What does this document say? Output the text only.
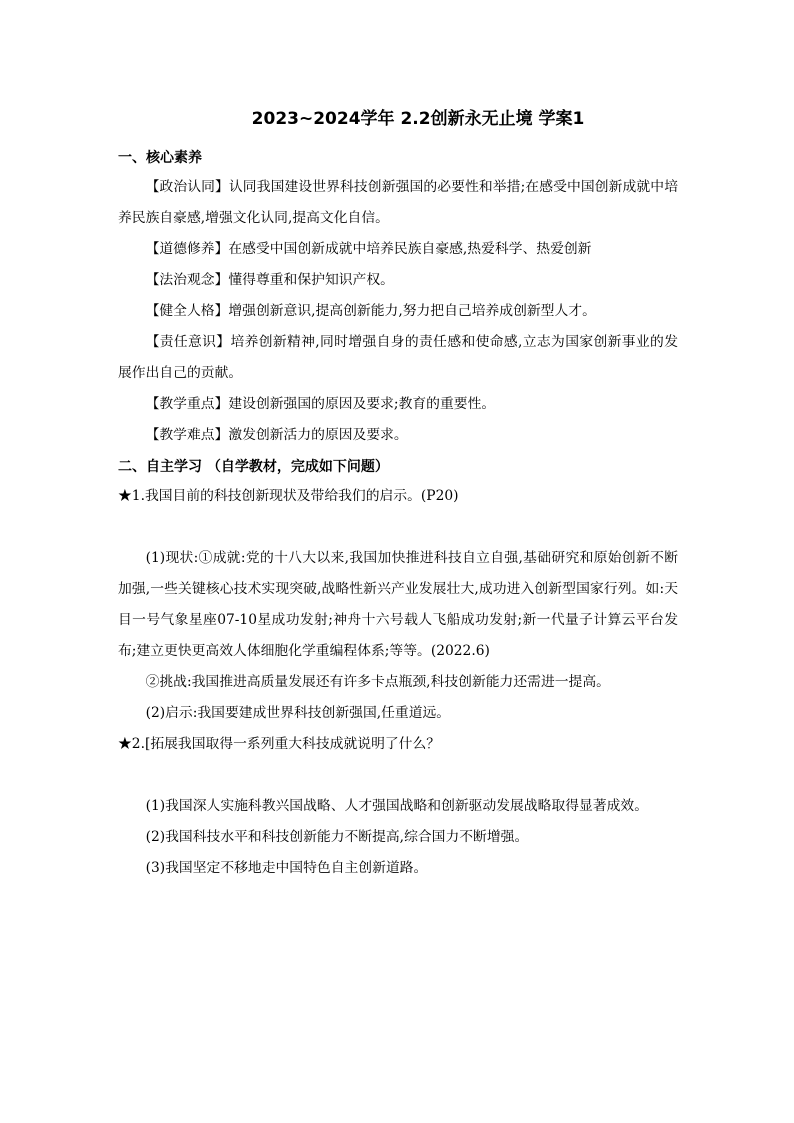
2023~2024学年 2.2创新永无止境 学案1
一、核心素养

【政治认同】认同我国建设世界科技创新强国的必要性和举措;在感受中国创新成就中培养民族自豪感,增强文化认同,提高文化自信。

【道德修养】在感受中国创新成就中培养民族自豪感,热爱科学、热爱创新

【法治观念】懂得尊重和保护知识产权。

【健全人格】增强创新意识,提高创新能力,努力把自己培养成创新型人才。

【责任意识】培养创新精神,同时增强自身的责任感和使命感,立志为国家创新事业的发展作出自己的贡献。

【教学重点】建设创新强国的原因及要求;教育的重要性。

【教学难点】激发创新活力的原因及要求。

二、自主学习 （自学教材，完成如下问题）

★1.我国目前的科技创新现状及带给我们的启示。(P20)

(1)现状:①成就:党的十八大以来,我国加快推进科技自立自强,基础研究和原始创新不断加强,一些关键核心技术实现突破,战略性新兴产业发展壮大,成功进入创新型国家行列。如:天目一号气象星座07-10星成功发射;神舟十六号载人飞船成功发射;新一代量子计算云平台发布;建立更快更高效人体细胞化学重编程体系;等等。(2022.6)

②挑战:我国推进高质量发展还有许多卡点瓶颈,科技创新能力还需进一提高。

(2)启示:我国要建成世界科技创新强国,任重道远。

★2.[拓展我国取得一系列重大科技成就说明了什么？

(1)我国深人实施科教兴国战略、人才强国战略和创新驱动发展战略取得显著成效。

(2)我国科技水平和科技创新能力不断提高,综合国力不断增强。

(3)我国坚定不移地走中国特色自主创新道路。
